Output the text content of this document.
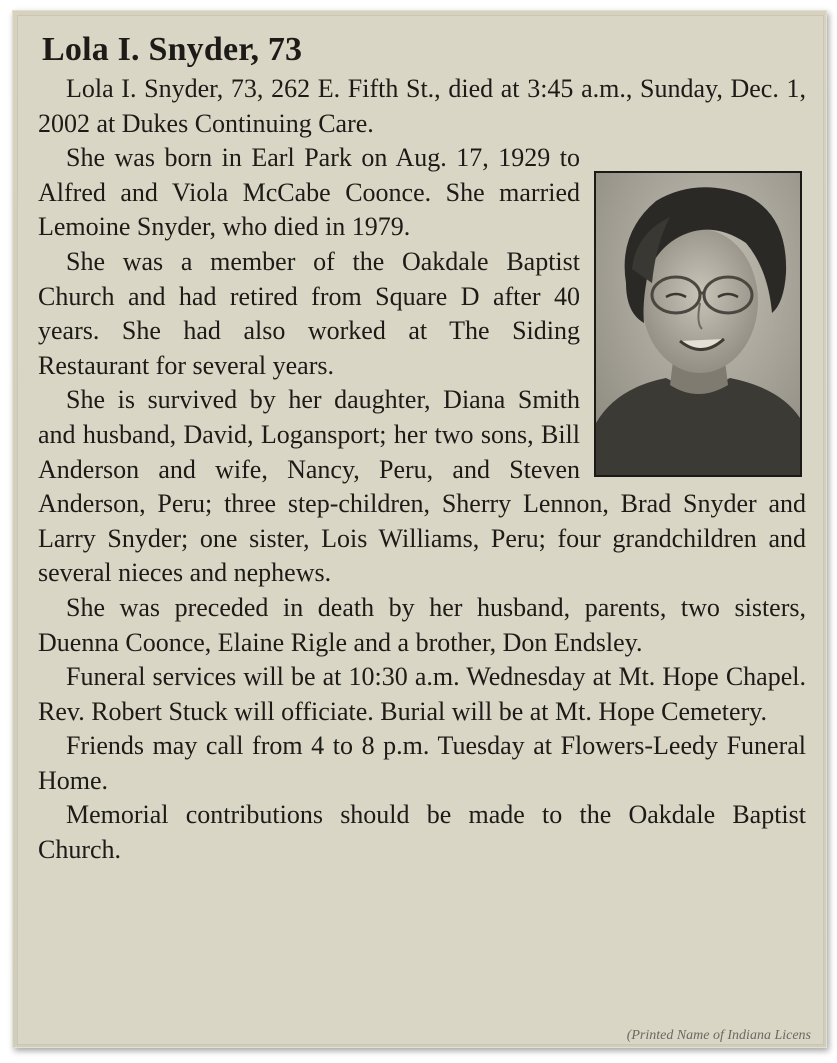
Lola I. Snyder, 73

Lola I. Snyder, 73, 262 E. Fifth St., died at 3:45 a.m., Sunday, Dec. 1, 2002 at Dukes Continuing Care.

She was born in Earl Park on Aug. 17, 1929 to Alfred and Viola McCabe Coonce. She married Lemoine Snyder, who died in 1979.

She was a member of the Oakdale Baptist Church and had retired from Square D after 40 years. She had also worked at The Siding Restaurant for several years.

She is survived by her daughter, Diana Smith and husband, David, Logansport; her two sons, Bill Anderson and wife, Nancy, Peru, and Steven Anderson, Peru; three step-children, Sherry Lennon, Brad Snyder and Larry Snyder; one sister, Lois Williams, Peru; four grandchildren and several nieces and nephews.

She was preceded in death by her husband, parents, two sisters, Duenna Coonce, Elaine Rigle and a brother, Don Endsley.

Funeral services will be at 10:30 a.m. Wednesday at Mt. Hope Chapel. Rev. Robert Stuck will officiate. Burial will be at Mt. Hope Cemetery.

Friends may call from 4 to 8 p.m. Tuesday at Flowers-Leedy Funeral Home.

Memorial contributions should be made to the Oakdale Baptist Church.

(Printed Name of Indiana Licens
